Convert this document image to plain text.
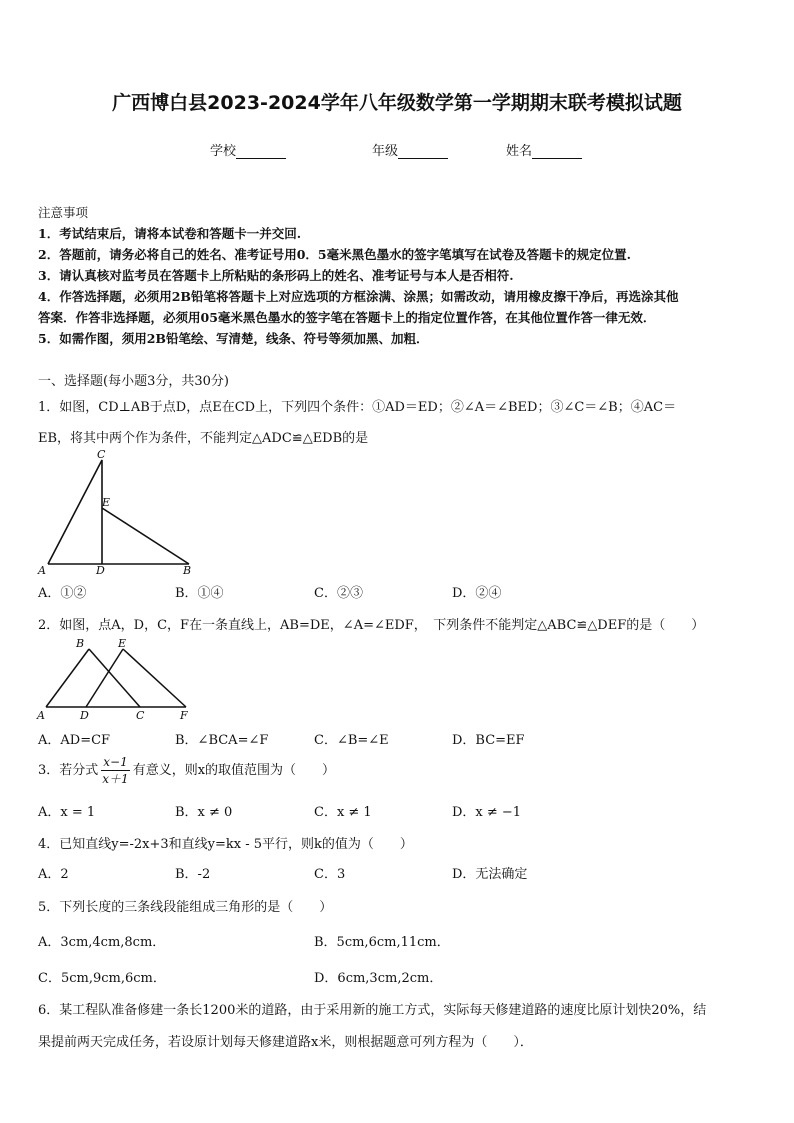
广西博白县2023-2024学年八年级数学第一学期期末联考模拟试题
学校	年级	姓名
注意事项
1．考试结束后，请将本试卷和答题卡一并交回.
2．答题前，请务必将自己的姓名、准考证号用0．5毫米黑色墨水的签字笔填写在试卷及答题卡的规定位置.
3．请认真核对监考员在答题卡上所粘贴的条形码上的姓名、准考证号与本人是否相符.
4．作答选择题，必须用2B铅笔将答题卡上对应选项的方框涂满、涂黑；如需改动，请用橡皮擦干净后，再选涂其他
答案．作答非选择题，必须用05毫米黑色墨水的签字笔在答题卡上的指定位置作答，在其他位置作答一律无效．
5．如需作图，须用2B铅笔绘、写清楚，线条、符号等须加黑、加粗．
一、选择题(每小题3分，共30分)
1．如图，CD⊥AB于点D，点E在CD上，下列四个条件：①AD＝ED；②∠A＝∠BED；③∠C＝∠B；④AC＝
EB，将其中两个作为条件，不能判定△ADC≌△EDB的是
C
E
A	D	B
A．①②	B．①④	C．②③	D．②④
2．如图，点A，D，C，F在一条直线上，AB=DE，∠A=∠EDF，　下列条件不能判定△ABC≌△DEF的是（　　）
B	E
A	D	C	F
A．AD=CF	B．∠BCA=∠F	C．∠B=∠E	D．BC=EF
3．若分式 $\frac{x-1}{x+1}$ 有意义，则x的取值范围为（　　）
A．x = 1	B．x ≠ 0	C．x ≠ 1	D．x ≠ −1
4．已知直线y=-2x+3和直线y=kx - 5平行，则k的值为（　　）
A．2	B．-2	C．3	D．无法确定
5．下列长度的三条线段能组成三角形的是（　　）
A．3cm,4cm,8cm．	B．5cm,6cm,11cm．
C．5cm,9cm,6cm．	D．6cm,3cm,2cm．
6．某工程队准备修建一条长1200米的道路，由于采用新的施工方式，实际每天修建道路的速度比原计划快20%，结
果提前两天完成任务，若设原计划每天修建道路x米，则根据题意可列方程为（　　）．
